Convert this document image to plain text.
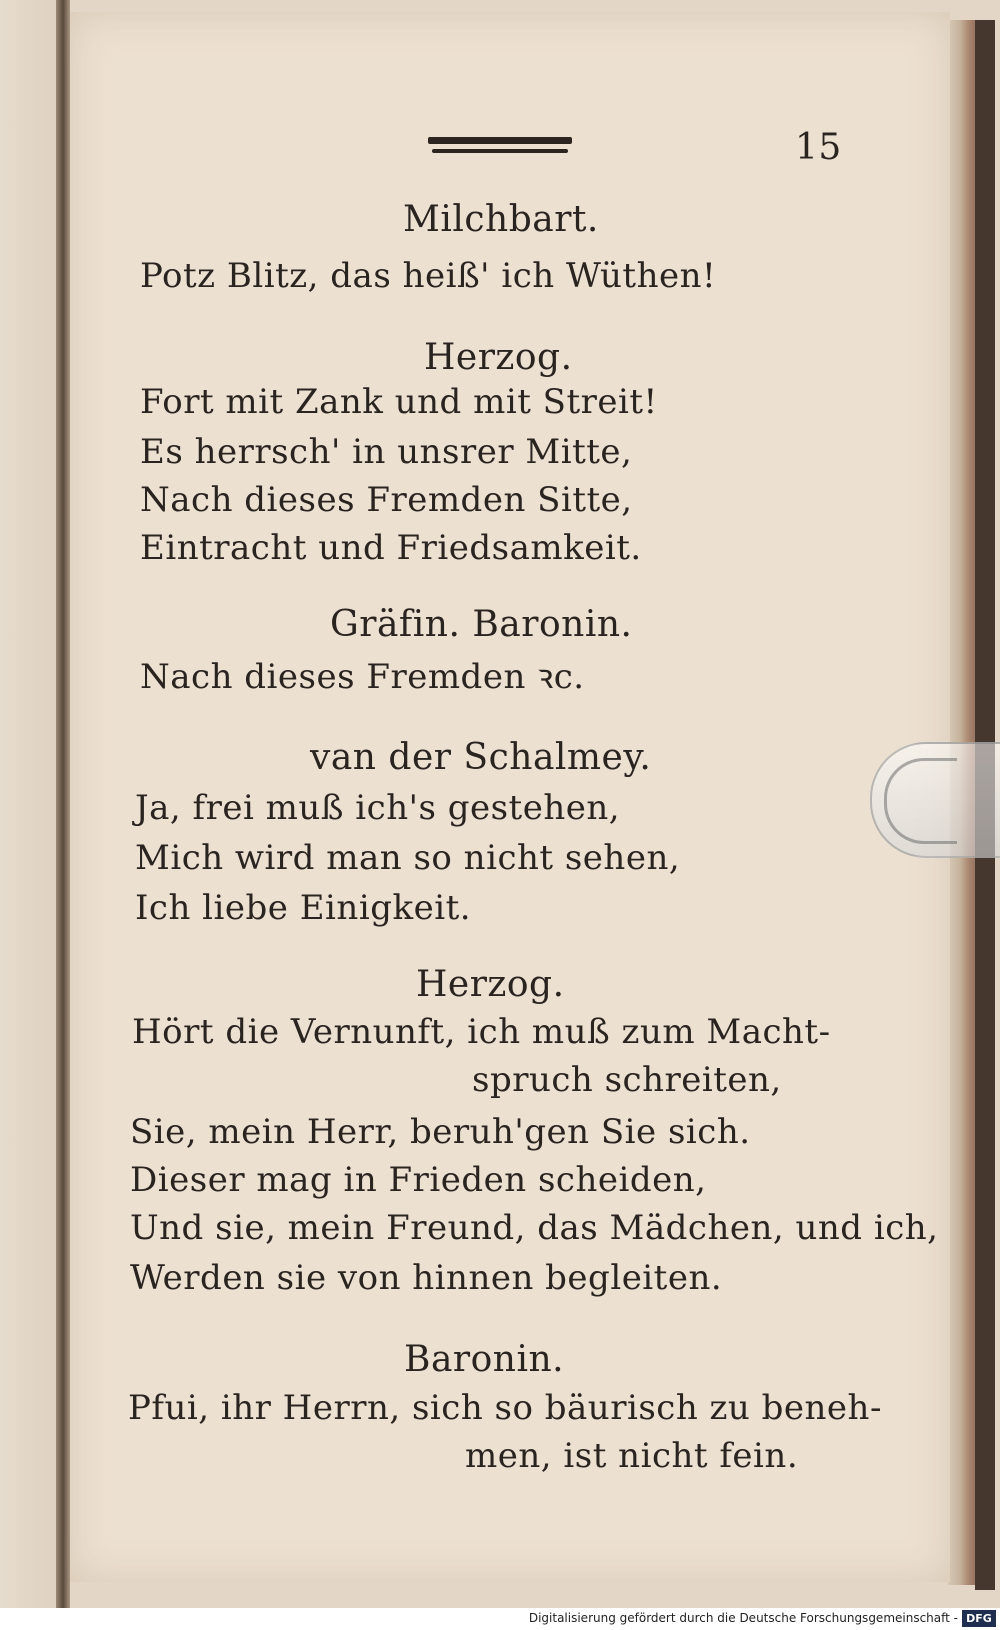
15
Milchbart.
Potz Blitz, das heiß' ich Wüthen!
Herzog.
Fort mit Zank und mit Streit!
Es herrsch' in unsrer Mitte,
Nach dieses Fremden Sitte,
Eintracht und Friedsamkeit.
Gräfin. Baronin.
Nach dieses Fremden ꝛc.
van der Schalmey.
Ja, frei muß ich's gestehen,
Mich wird man so nicht sehen,
Ich liebe Einigkeit.
Herzog.
Hört die Vernunft, ich muß zum Macht-
spruch schreiten,
Sie, mein Herr, beruh'gen Sie sich.
Dieser mag in Frieden scheiden,
Und sie, mein Freund, das Mädchen, und ich,
Werden sie von hinnen begleiten.
Baronin.
Pfui, ihr Herrn, sich so bäurisch zu beneh-
men, ist nicht fein.
Digitalisierung gefördert durch die Deutsche Forschungsgemeinschaft - DFG
